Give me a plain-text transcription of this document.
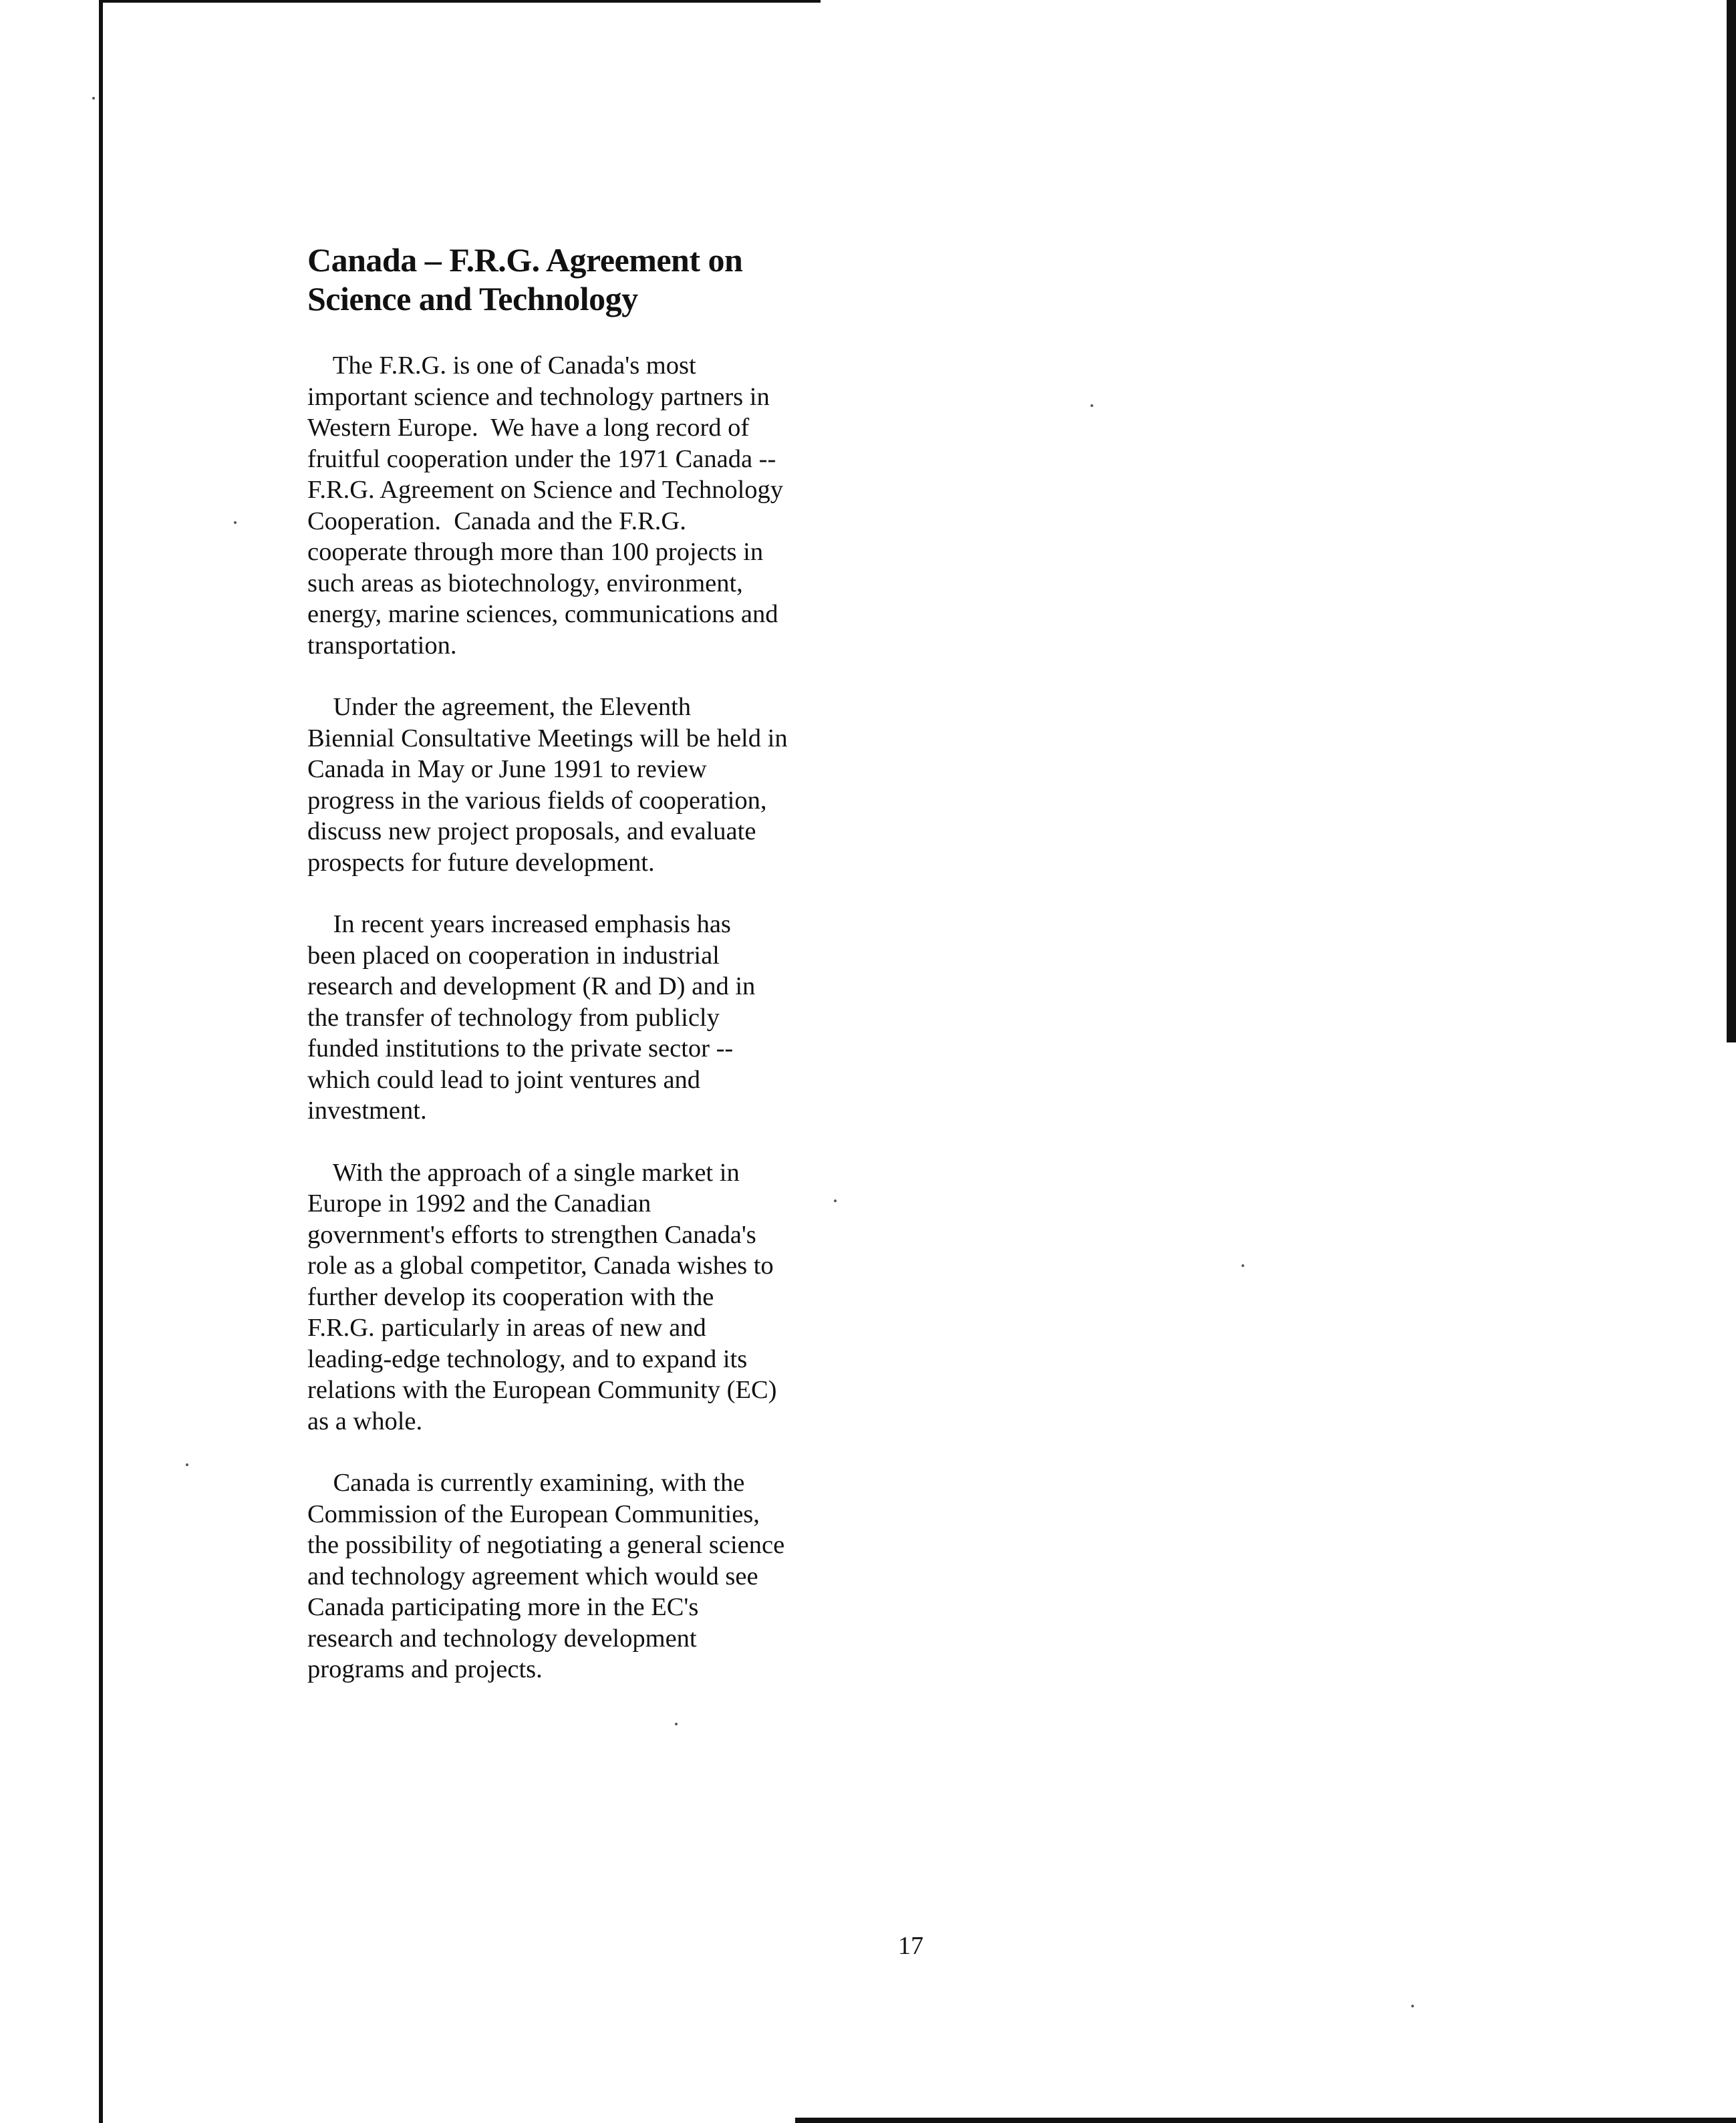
Canada – F.R.G. Agreement on
Science and Technology
The F.R.G. is one of Canada's most
important science and technology partners in
Western Europe.  We have a long record of
fruitful cooperation under the 1971 Canada --
F.R.G. Agreement on Science and Technology
Cooperation.  Canada and the F.R.G.
cooperate through more than 100 projects in
such areas as biotechnology, environment,
energy, marine sciences, communications and
transportation.
Under the agreement, the Eleventh
Biennial Consultative Meetings will be held in
Canada in May or June 1991 to review
progress in the various fields of cooperation,
discuss new project proposals, and evaluate
prospects for future development.
In recent years increased emphasis has
been placed on cooperation in industrial
research and development (R and D) and in
the transfer of technology from publicly
funded institutions to the private sector --
which could lead to joint ventures and
investment.
With the approach of a single market in
Europe in 1992 and the Canadian
government's efforts to strengthen Canada's
role as a global competitor, Canada wishes to
further develop its cooperation with the
F.R.G. particularly in areas of new and
leading-edge technology, and to expand its
relations with the European Community (EC)
as a whole.
Canada is currently examining, with the
Commission of the European Communities,
the possibility of negotiating a general science
and technology agreement which would see
Canada participating more in the EC's
research and technology development
programs and projects.
17
